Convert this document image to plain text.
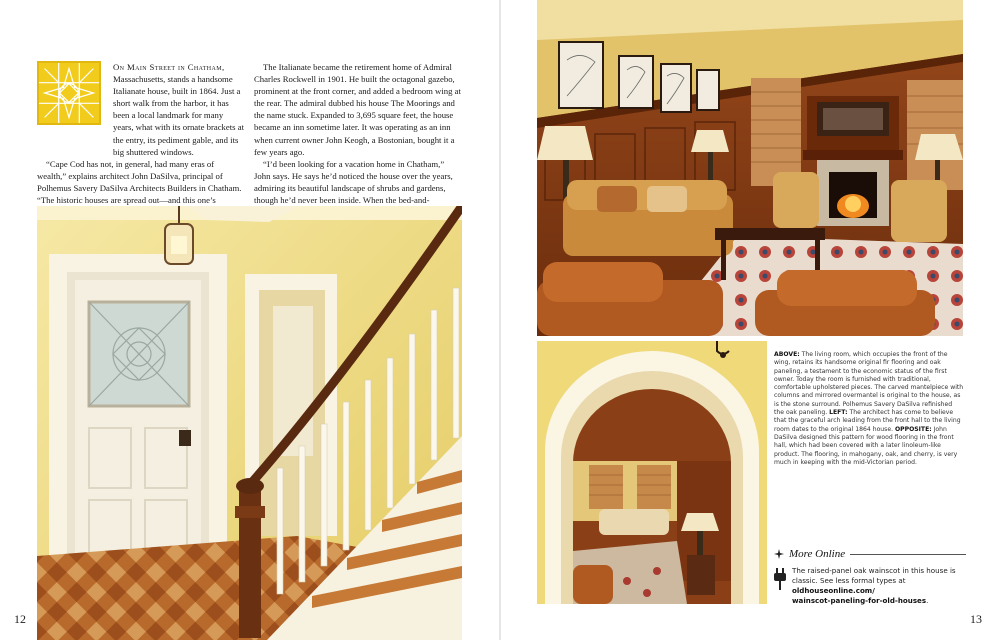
On Main Street in Chatham, Massachusetts, stands a handsome Italianate house, built in 1864. Just a short walk from the harbor, it has been a local landmark for many years, what with its ornate brackets at the entry, its pediment gable, and its big shuttered windows.

“Cape Cod has not, in general, had many eras of wealth,” explains architect John DaSilva, principal of Polhemus Savery DaSilva Architects Builders in Chatham. “The historic houses are spread out—and this one’s

The Italianate became the retirement home of Admiral Charles Rockwell in 1901. He built the octagonal gazebo, prominent at the front corner, and added a bedroom wing at the rear. The admiral dubbed his house The Moorings and the name stuck. Expanded to 3,695 square feet, the house became an inn sometime later. It was operating as an inn when current owner John Keogh, a Bostonian, bought it a few years ago.

“I’d been looking for a vacation home in Chatham,” John says. He says he’d noticed the house over the years, admiring its beautiful landscape of shrubs and gardens, though he’d never been inside. When the bed-and-

12
ABOVE: The living room, which occupies the front of the wing, retains its handsome original fir flooring and oak paneling, a testament to the economic status of the first owner. Today the room is furnished with traditional, comfortable upholstered pieces. The carved mantelpiece with columns and mirrored overmantel is original to the house, as is the stone surround. Polhemus Savery DaSilva refinished the oak paneling. LEFT: The architect has come to believe that the graceful arch leading from the front hall to the living room dates to the original 1864 house. OPPOSITE: John DaSilva designed this pattern for wood flooring in the front hall, which had been covered with a later linoleum-like product. The flooring, in mahogany, oak, and cherry, is very much in keeping with the mid-Victorian period.
More Online
The raised-panel oak wainscot in this house is classic. See less formal types at oldhouseonline.com/
wainscot-paneling-for-old-houses.
13
